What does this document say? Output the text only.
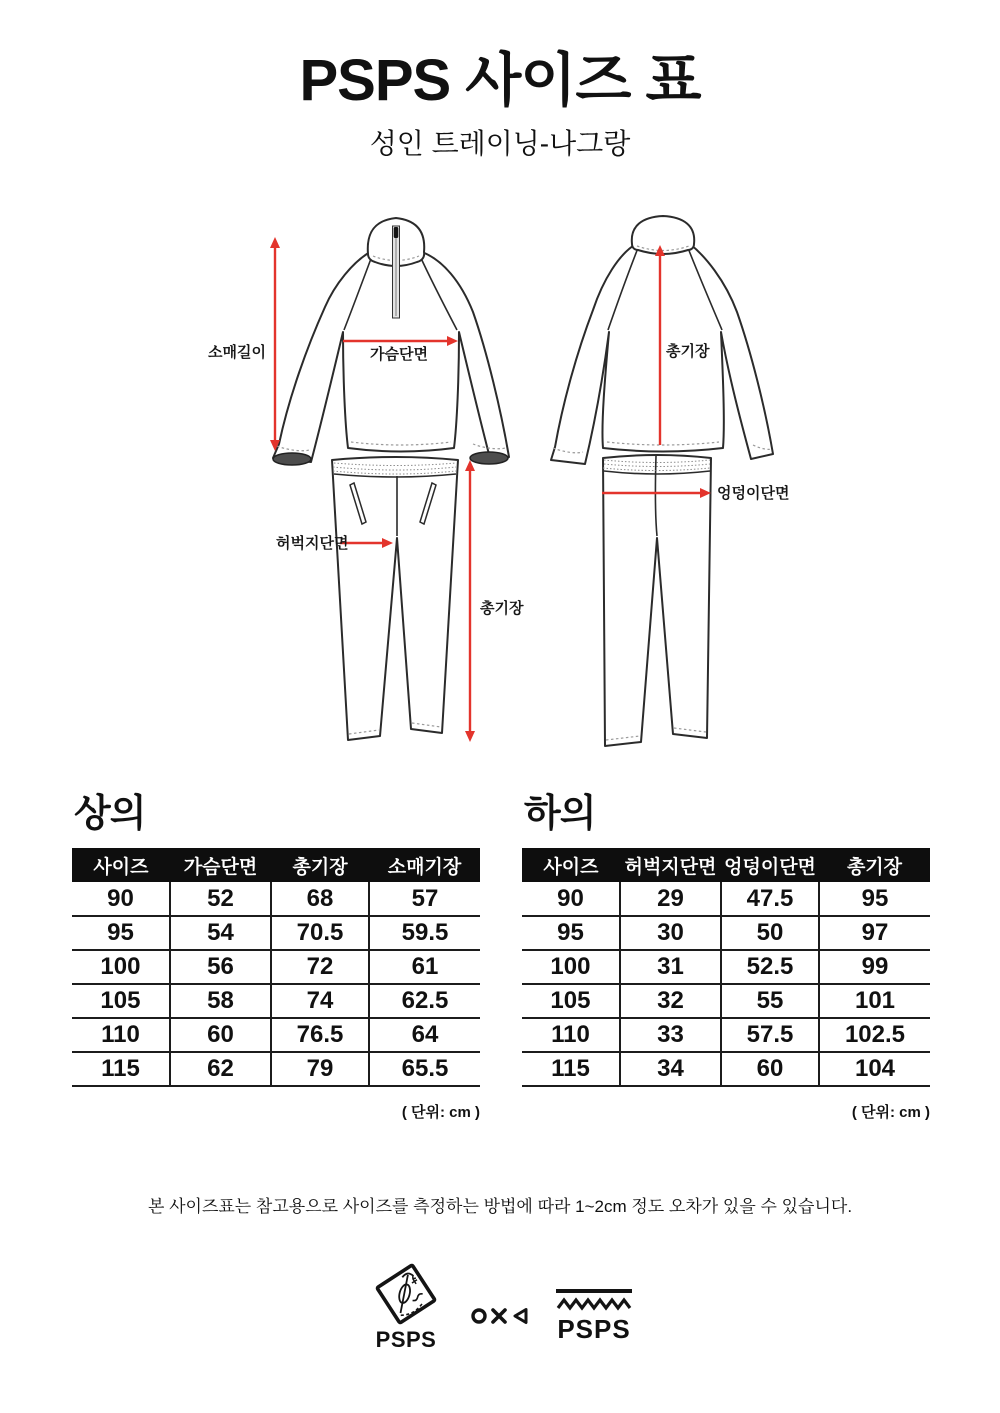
PSPS 사이즈 표
성인 트레이닝-나그랑
소매길이	가슴단면	총기장
허벅지단면
총기장
엉덩이단면
상의
사이즈	가슴단면	총기장	소매기장
90	52	68	57
95	54	70.5	59.5
100	56	72	61
105	58	74	62.5
110	60	76.5	64
115	62	79	65.5
( 단위: cm )
하의
사이즈	허벅지단면	엉덩이단면	총기장
90	29	47.5	95
95	30	50	97
100	31	52.5	99
105	32	55	101
110	33	57.5	102.5
115	34	60	104
( 단위: cm )

본 사이즈표는 참고용으로 사이즈를 측정하는 방법에 따라 1~2cm 정도 오차가 있을 수 있습니다.

PSPS	PSPS
